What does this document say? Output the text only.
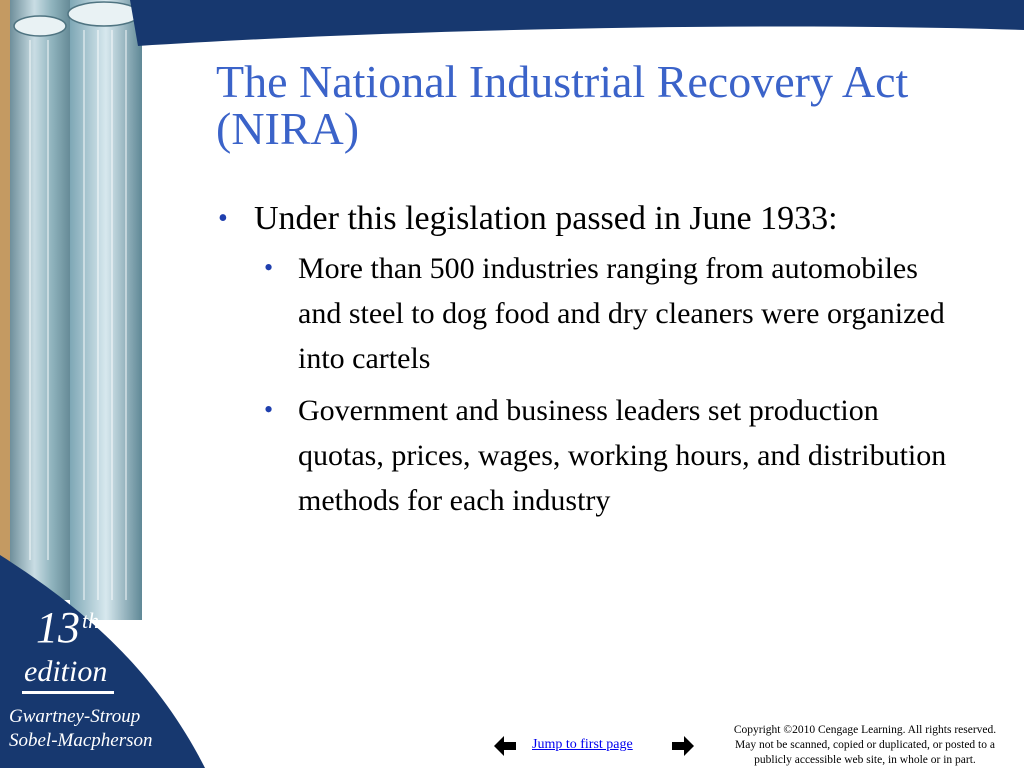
The National Industrial Recovery Act (NIRA)
• Under this legislation passed in June 1933:
• More than 500 industries ranging from automobiles and steel to dog food and dry cleaners were organized into cartels
• Government and business leaders set production quotas, prices, wages, working hours, and distribution methods for each industry
13th
edition
Gwartney-Stroup
Sobel-Macpherson	Jump to first page
Copyright ©2010 Cengage Learning. All rights reserved.
May not be scanned, copied or duplicated, or posted to a
publicly accessible web site, in whole or in part.
